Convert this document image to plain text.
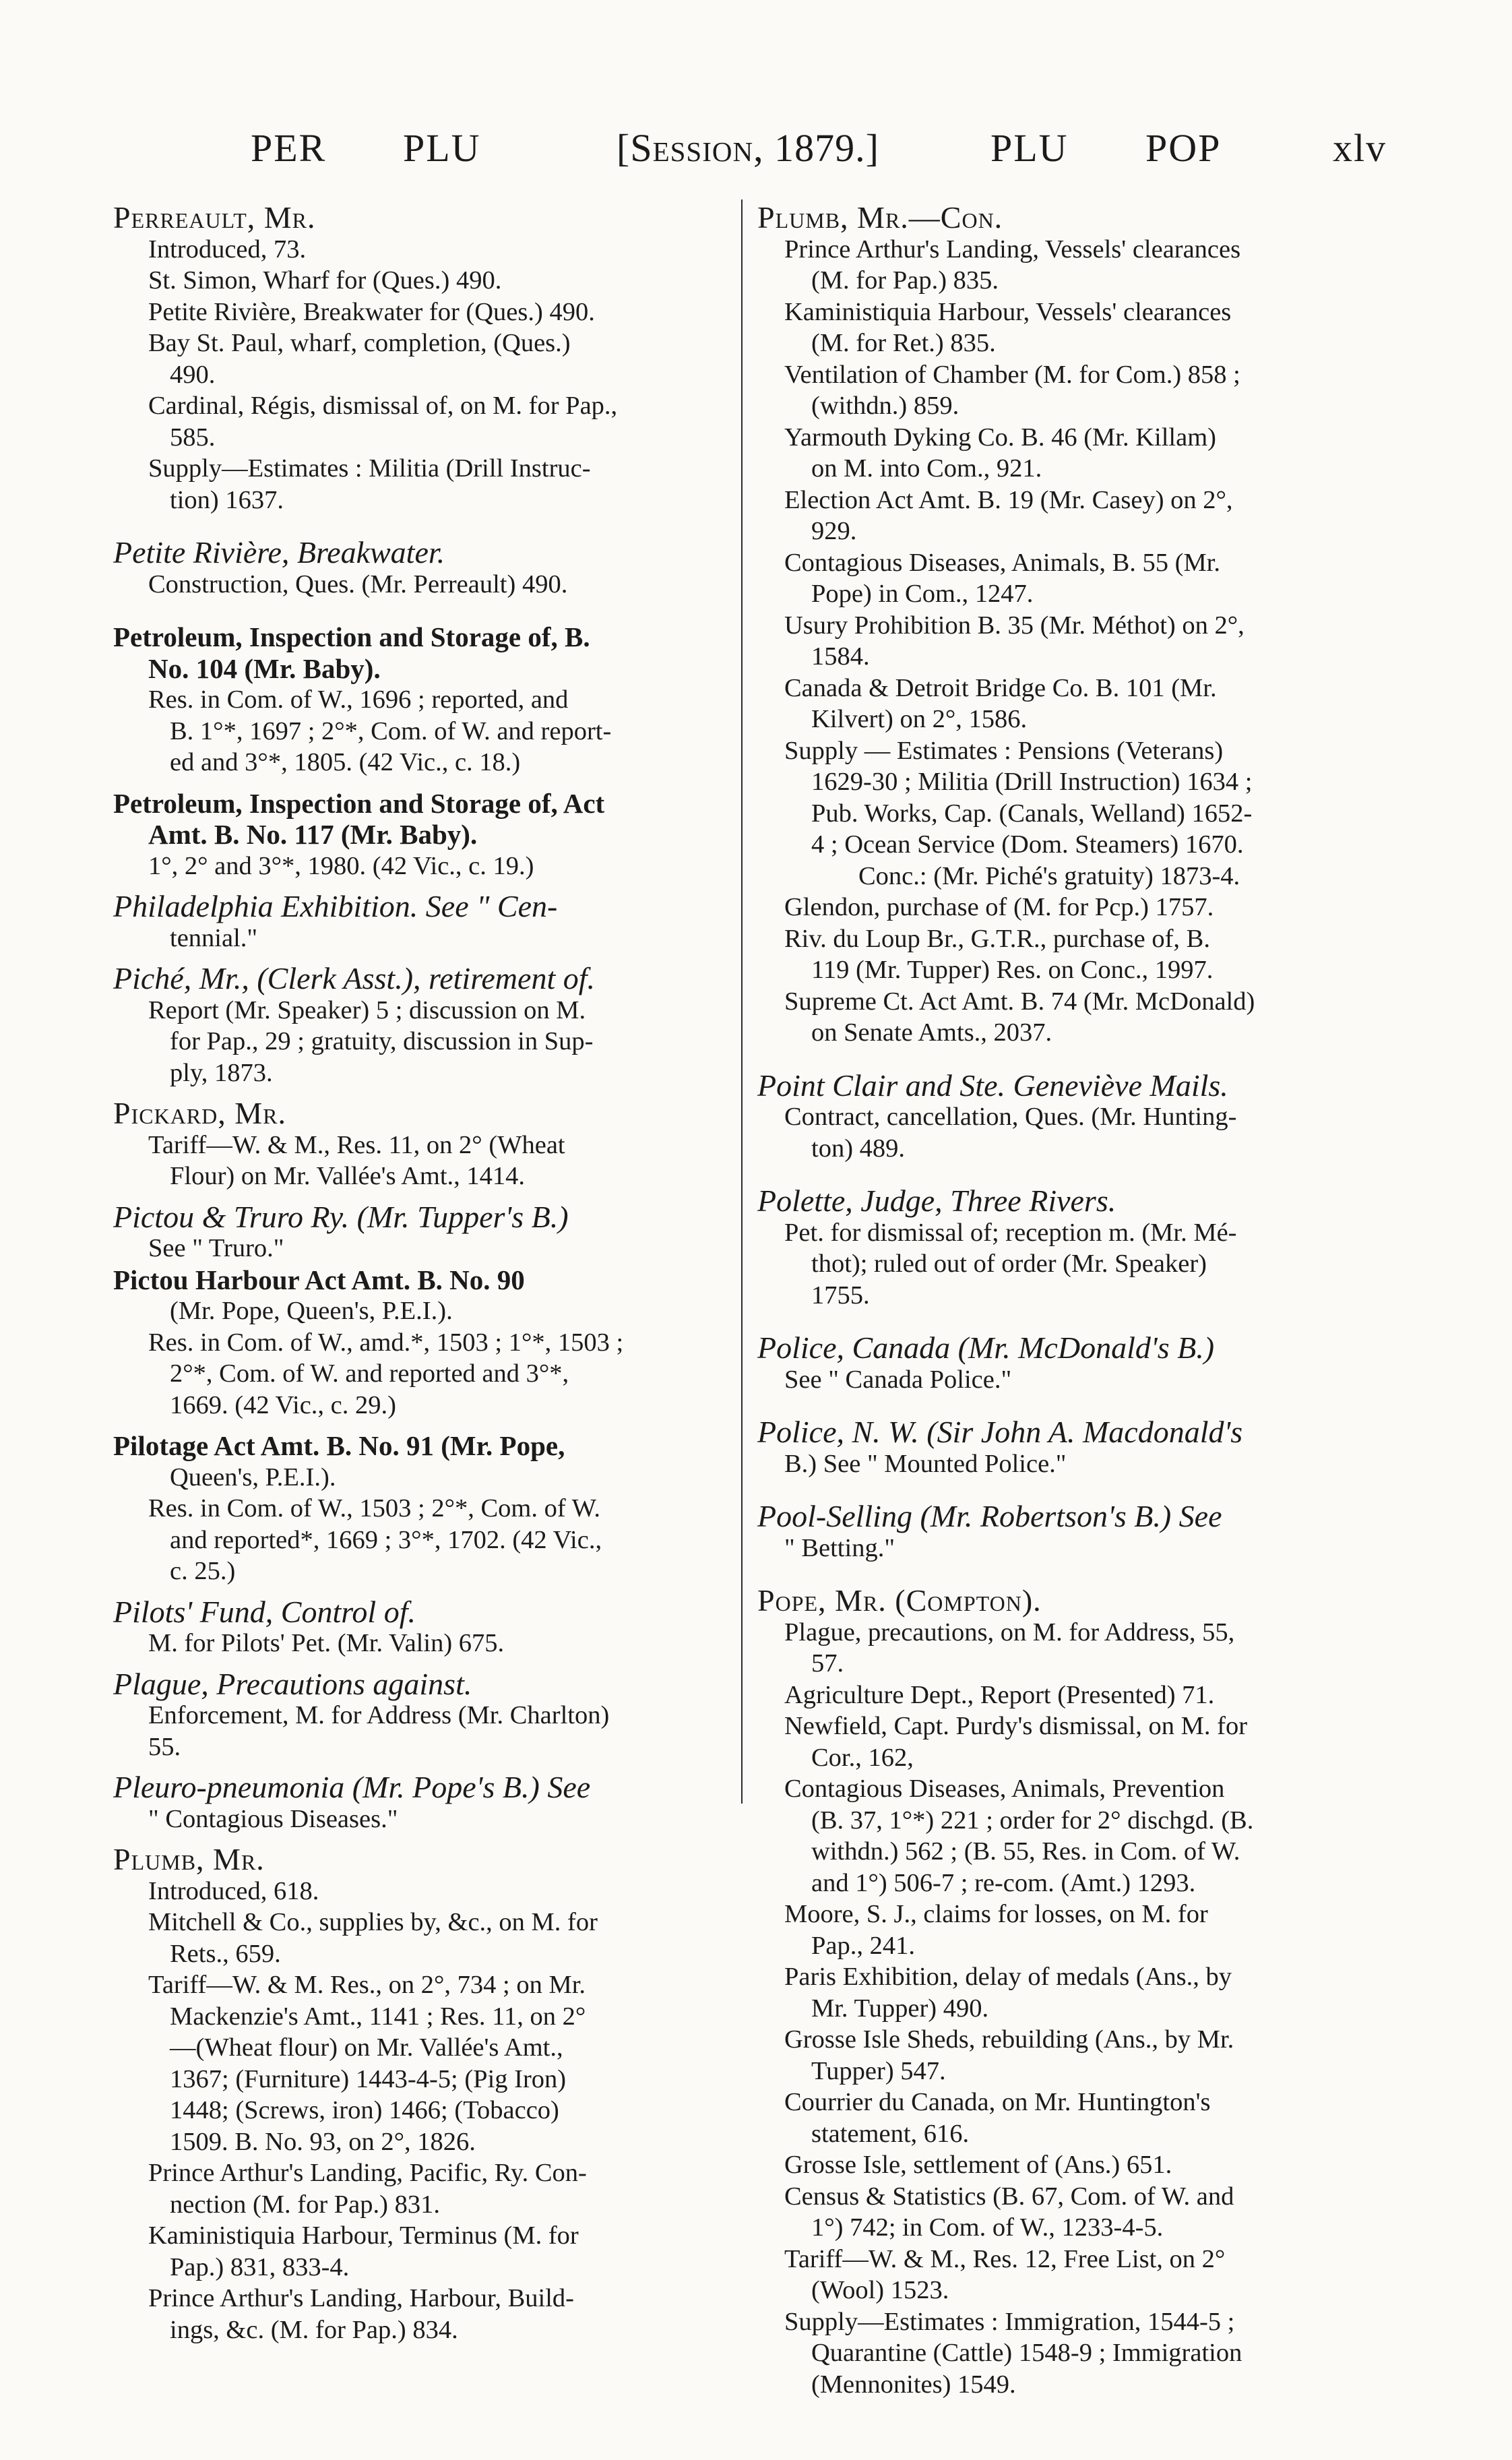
PER PLU	[Session, 1879.]	PLU POP	xlv
Perreault, Mr.
Introduced, 73.
St. Simon, Wharf for (Ques.) 490.
Petite Rivière, Breakwater for (Ques.) 490.
Bay St. Paul, wharf, completion, (Ques.)
490.
Cardinal, Régis, dismissal of, on M. for Pap.,
585.
Supply—Estimates : Militia (Drill Instruc-
tion) 1637.
Petite Rivière, Breakwater.
Construction, Ques. (Mr. Perreault) 490.
Petroleum, Inspection and Storage of, B.
No. 104 (Mr. Baby).
Res. in Com. of W., 1696 ; reported, and
B. 1°*, 1697 ; 2°*, Com. of W. and report-
ed and 3°*, 1805. (42 Vic., c. 18.)
Petroleum, Inspection and Storage of, Act
Amt. B. No. 117 (Mr. Baby).
1°, 2° and 3°*, 1980. (42 Vic., c. 19.)
Philadelphia Exhibition. See " Cen-
tennial."
Piché, Mr., (Clerk Asst.), retirement of.
Report (Mr. Speaker) 5 ; discussion on M.
for Pap., 29 ; gratuity, discussion in Sup-
ply, 1873.
Pickard, Mr.
Tariff—W. & M., Res. 11, on 2° (Wheat
Flour) on Mr. Vallée's Amt., 1414.
Pictou & Truro Ry. (Mr. Tupper's B.)
See " Truro."
Pictou Harbour Act Amt. B. No. 90
(Mr. Pope, Queen's, P.E.I.).
Res. in Com. of W., amd.*, 1503 ; 1°*, 1503 ;
2°*, Com. of W. and reported and 3°*,
1669. (42 Vic., c. 29.)
Pilotage Act Amt. B. No. 91 (Mr. Pope,
Queen's, P.E.I.).
Res. in Com. of W., 1503 ; 2°*, Com. of W.
and reported*, 1669 ; 3°*, 1702. (42 Vic.,
c. 25.)
Pilots' Fund, Control of.
M. for Pilots' Pet. (Mr. Valin) 675.
Plague, Precautions against.
Enforcement, M. for Address (Mr. Charlton)
55.
Pleuro-pneumonia (Mr. Pope's B.) See
" Contagious Diseases."
Plumb, Mr.
Introduced, 618.
Mitchell & Co., supplies by, &c., on M. for
Rets., 659.
Tariff—W. & M. Res., on 2°, 734 ; on Mr.
Mackenzie's Amt., 1141 ; Res. 11, on 2°
—(Wheat flour) on Mr. Vallée's Amt.,
1367; (Furniture) 1443-4-5; (Pig Iron)
1448; (Screws, iron) 1466; (Tobacco)
1509. B. No. 93, on 2°, 1826.
Prince Arthur's Landing, Pacific, Ry. Con-
nection (M. for Pap.) 831.
Kaministiquia Harbour, Terminus (M. for
Pap.) 831, 833-4.
Prince Arthur's Landing, Harbour, Build-
ings, &c. (M. for Pap.) 834.
Plumb, Mr.—Con.
Prince Arthur's Landing, Vessels' clearances
(M. for Pap.) 835.
Kaministiquia Harbour, Vessels' clearances
(M. for Ret.) 835.
Ventilation of Chamber (M. for Com.) 858 ;
(withdn.) 859.
Yarmouth Dyking Co. B. 46 (Mr. Killam)
on M. into Com., 921.
Election Act Amt. B. 19 (Mr. Casey) on 2°,
929.
Contagious Diseases, Animals, B. 55 (Mr.
Pope) in Com., 1247.
Usury Prohibition B. 35 (Mr. Méthot) on 2°,
1584.
Canada & Detroit Bridge Co. B. 101 (Mr.
Kilvert) on 2°, 1586.
Supply — Estimates : Pensions (Veterans)
1629-30 ; Militia (Drill Instruction) 1634 ;
Pub. Works, Cap. (Canals, Welland) 1652-
4 ; Ocean Service (Dom. Steamers) 1670.
Conc.: (Mr. Piché's gratuity) 1873-4.
Glendon, purchase of (M. for Pcp.) 1757.
Riv. du Loup Br., G.T.R., purchase of, B.
119 (Mr. Tupper) Res. on Conc., 1997.
Supreme Ct. Act Amt. B. 74 (Mr. McDonald)
on Senate Amts., 2037.
Point Clair and Ste. Geneviève Mails.
Contract, cancellation, Ques. (Mr. Hunting-
ton) 489.
Polette, Judge, Three Rivers.
Pet. for dismissal of; reception m. (Mr. Mé-
thot); ruled out of order (Mr. Speaker)
1755.
Police, Canada (Mr. McDonald's B.)
See " Canada Police."
Police, N. W. (Sir John A. Macdonald's
B.) See " Mounted Police."
Pool-Selling (Mr. Robertson's B.) See
" Betting."
Pope, Mr. (Compton).
Plague, precautions, on M. for Address, 55,
57.
Agriculture Dept., Report (Presented) 71.
Newfield, Capt. Purdy's dismissal, on M. for
Cor., 162,
Contagious Diseases, Animals, Prevention
(B. 37, 1°*) 221 ; order for 2° dischgd. (B.
withdn.) 562 ; (B. 55, Res. in Com. of W.
and 1°) 506-7 ; re-com. (Amt.) 1293.
Moore, S. J., claims for losses, on M. for
Pap., 241.
Paris Exhibition, delay of medals (Ans., by
Mr. Tupper) 490.
Grosse Isle Sheds, rebuilding (Ans., by Mr.
Tupper) 547.
Courrier du Canada, on Mr. Huntington's
statement, 616.
Grosse Isle, settlement of (Ans.) 651.
Census & Statistics (B. 67, Com. of W. and
1°) 742; in Com. of W., 1233-4-5.
Tariff—W. & M., Res. 12, Free List, on 2°
(Wool) 1523.
Supply—Estimates : Immigration, 1544-5 ;
Quarantine (Cattle) 1548-9 ; Immigration
(Mennonites) 1549.
